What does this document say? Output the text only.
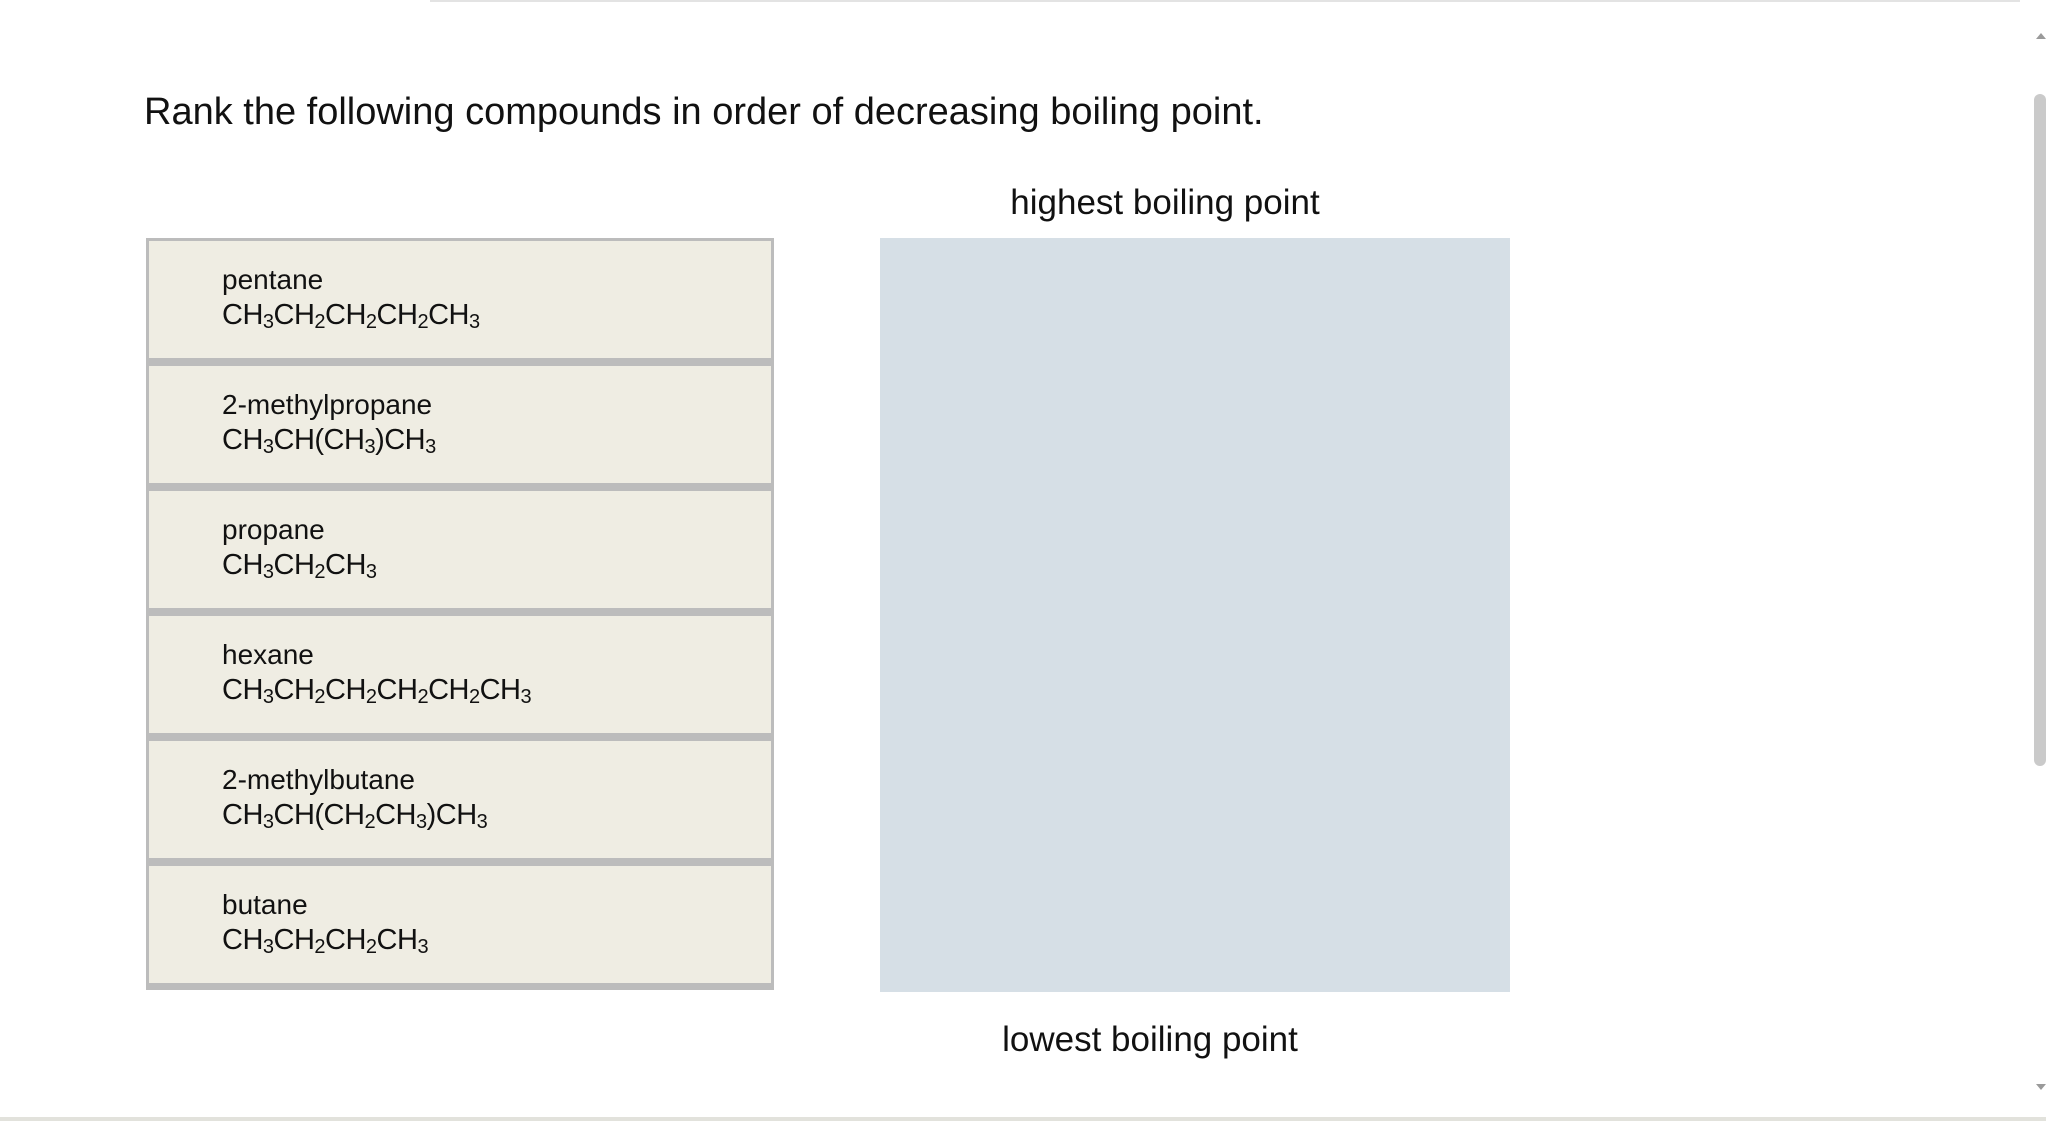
Rank the following compounds in order of decreasing boiling point.
highest boiling point
pentane
$CH_3CH_2CH_2CH_2CH_3$
2-methylpropane
$CH_3CH(CH_3)CH_3$
propane
$CH_3CH_2CH_3$
hexane
$CH_3CH_2CH_2CH_2CH_2CH_3$
2-methylbutane
$CH_3CH(CH_2CH_3)CH_3$
butane
$CH_3CH_2CH_2CH_3$
lowest boiling point
